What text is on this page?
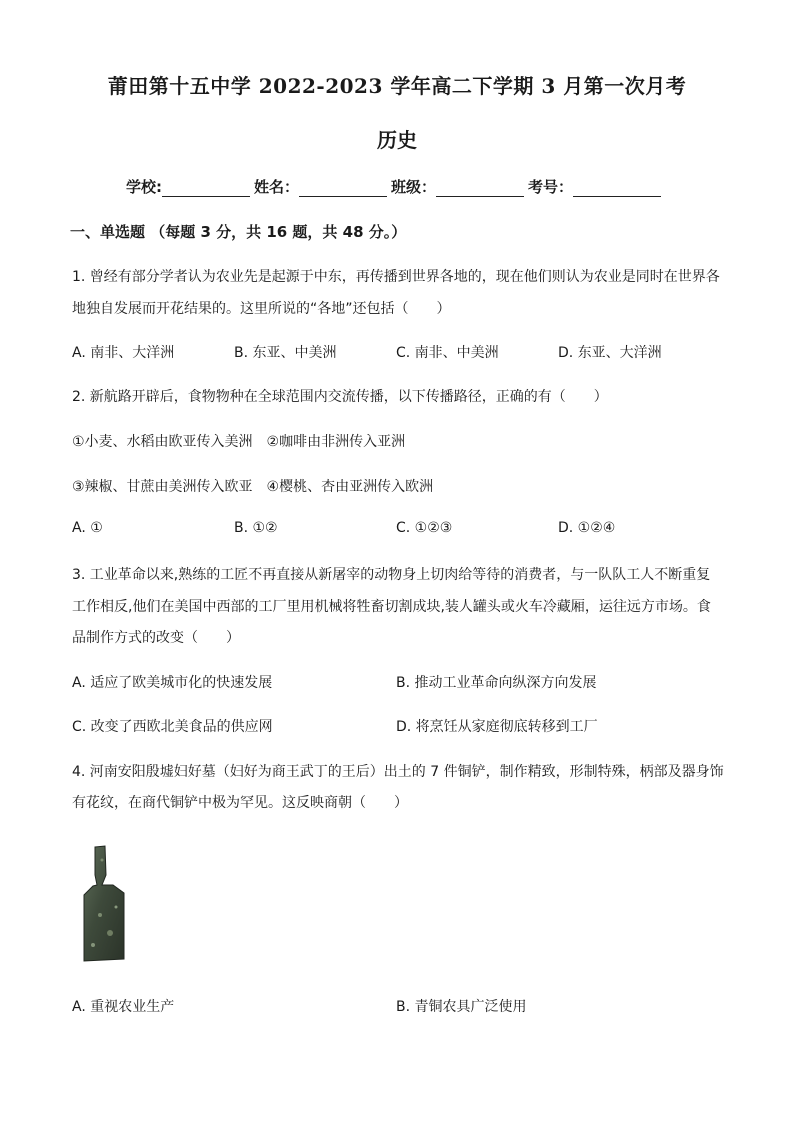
莆田第十五中学 2022-2023 学年高二下学期 3 月第一次月考
历史
学校:	姓名：	班级：	考号：
一、单选题 （每题 3 分，共 16 题，共 48 分。）
1. 曾经有部分学者认为农业先是起源于中东，再传播到世界各地的，现在他们则认为农业是同时在世界各
地独自发展而开花结果的。这里所说的“各地”还包括（　　）
A. 南非、大洋洲	B. 东亚、中美洲	C. 南非、中美洲	D. 东亚、大洋洲
2. 新航路开辟后，食物物种在全球范围内交流传播，以下传播路径，正确的有（　　）
①小麦、水稻由欧亚传入美洲　②咖啡由非洲传入亚洲
③辣椒、甘蔗由美洲传入欧亚　④樱桃、杏由亚洲传入欧洲
A. ①	B. ①②	C. ①②③	D. ①②④
3. 工业革命以来,熟练的工匠不再直接从新屠宰的动物身上切肉给等待的消费者，与一队队工人不断重复
工作相反,他们在美国中西部的工厂里用机械将牲畜切割成块,装人罐头或火车冷藏厢，运往远方市场。食
品制作方式的改变（　　）
A. 适应了欧美城市化的快速发展	B. 推动工业革命向纵深方向发展
C. 改变了西欧北美食品的供应网	D. 将烹饪从家庭彻底转移到工厂
4. 河南安阳殷墟妇好墓（妇好为商王武丁的王后）出土的 7 件铜铲，制作精致，形制特殊，柄部及器身饰
有花纹，在商代铜铲中极为罕见。这反映商朝（　　）
A. 重视农业生产	B. 青铜农具广泛使用
